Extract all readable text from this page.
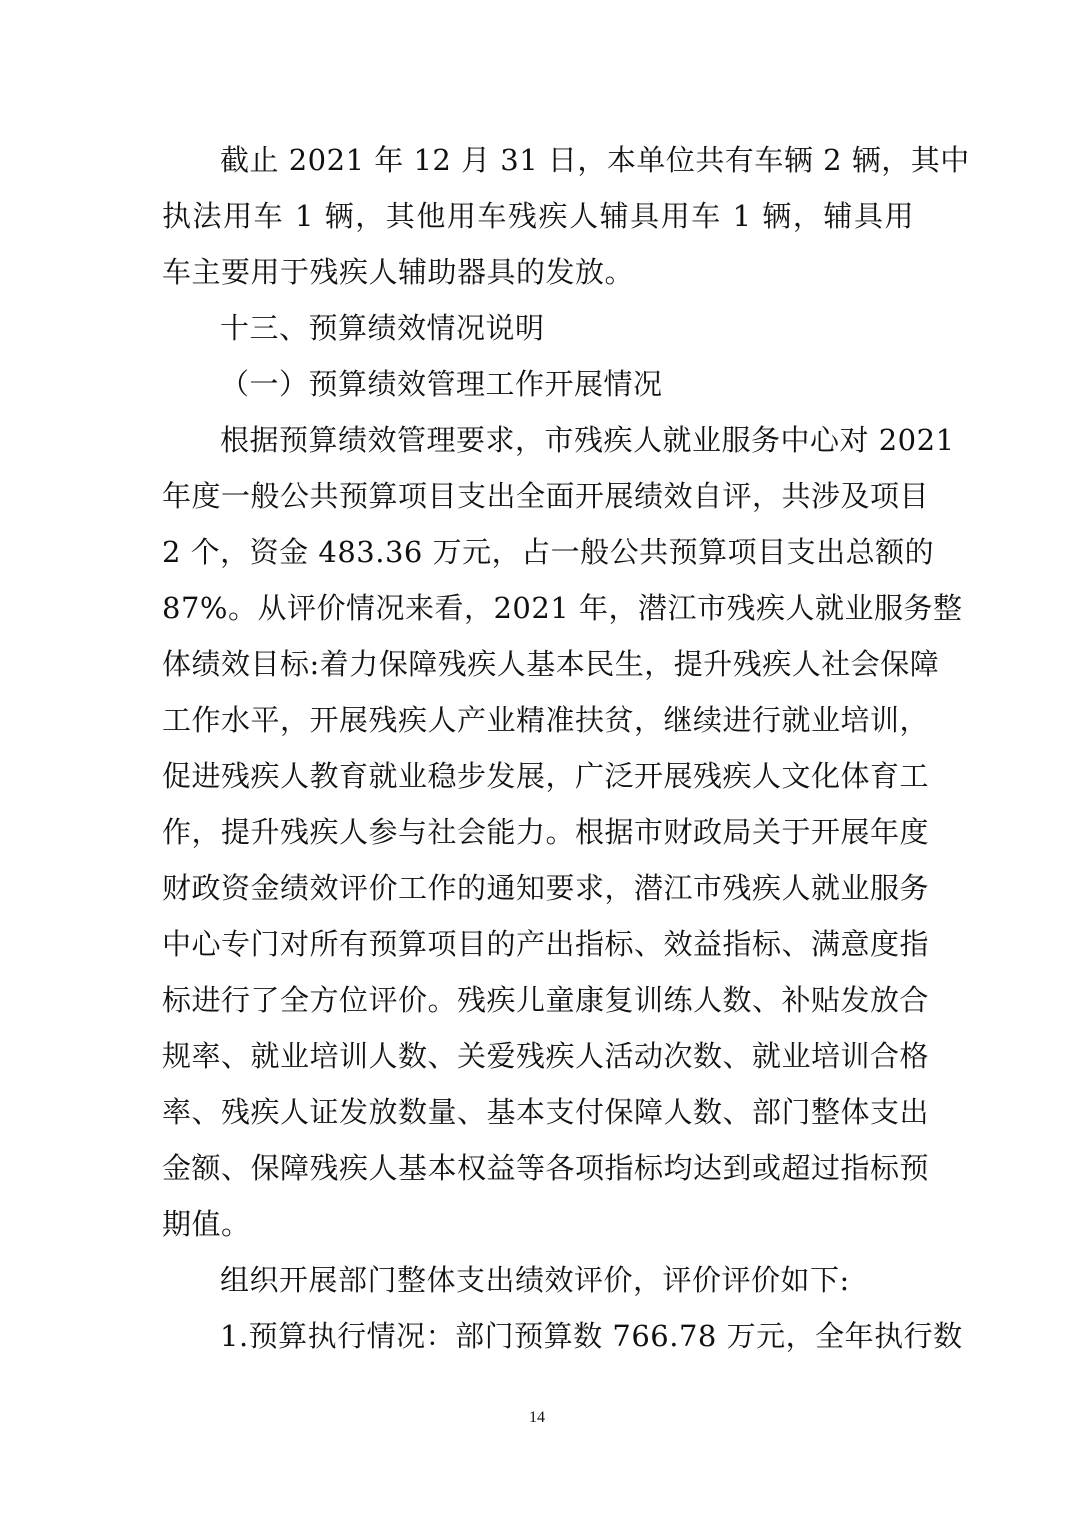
截止 2021 年 12 月 31 日，本单位共有车辆 2 辆，其中
执法用车 1 辆，其他用车残疾人辅具用车 1 辆，辅具用
车主要用于残疾人辅助器具的发放。
十三、预算绩效情况说明
（一）预算绩效管理工作开展情况
根据预算绩效管理要求，市残疾人就业服务中心对 2021
年度一般公共预算项目支出全面开展绩效自评，共涉及项目
2 个，资金 483.36 万元，占一般公共预算项目支出总额的
87%。从评价情况来看，2021 年，潜江市残疾人就业服务整
体绩效目标:着力保障残疾人基本民生，提升残疾人社会保障
工作水平，开展残疾人产业精准扶贫，继续进行就业培训，
促进残疾人教育就业稳步发展，广泛开展残疾人文化体育工
作，提升残疾人参与社会能力。根据市财政局关于开展年度
财政资金绩效评价工作的通知要求，潜江市残疾人就业服务
中心专门对所有预算项目的产出指标、效益指标、满意度指
标进行了全方位评价。残疾儿童康复训练人数、补贴发放合
规率、就业培训人数、关爱残疾人活动次数、就业培训合格
率、残疾人证发放数量、基本支付保障人数、部门整体支出
金额、保障残疾人基本权益等各项指标均达到或超过指标预
期值。
组织开展部门整体支出绩效评价，评价评价如下:
1.预算执行情况：部门预算数 766.78 万元，全年执行数
14
